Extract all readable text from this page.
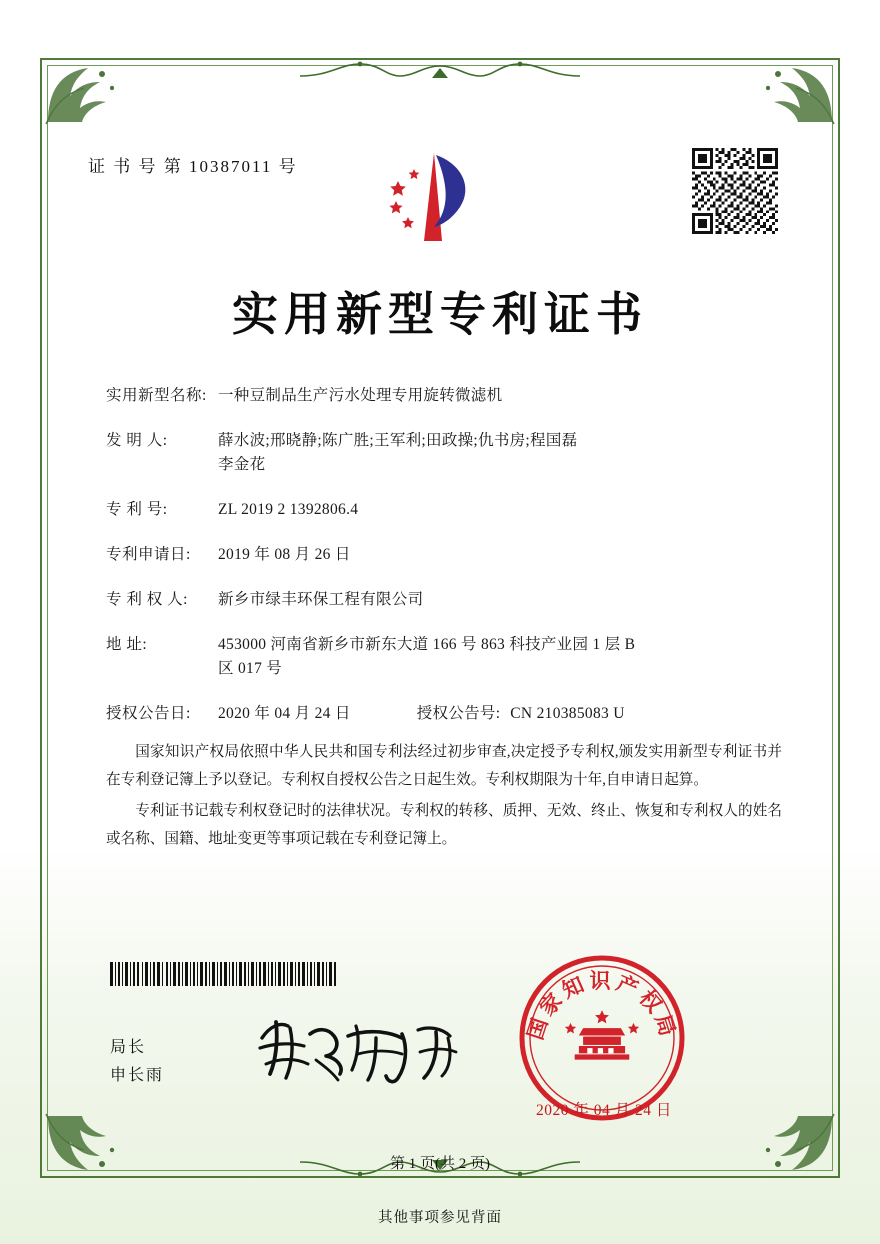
证 书 号 第 10387011 号
实用新型专利证书
实用新型名称: 一种豆制品生产污水处理专用旋转微滤机
发 明 人:	薛水波;邢晓静;陈广胜;王军利;田政操;仇书房;程国磊
李金花
专 利 号:	ZL 2019 2 1392806.4
专利申请日:	2019 年 08 月 26 日
专 利 权 人:	新乡市绿丰环保工程有限公司
地 址:	453000 河南省新乡市新东大道 166 号 863 科技产业园 1 层 B
区 017 号
授权公告日:	2020 年 04 月 24 日	授权公告号: CN 210385083 U

国家知识产权局依照中华人民共和国专利法经过初步审查,决定授予专利权,颁发实用新型专利证书并在专利登记簿上予以登记。专利权自授权公告之日起生效。专利权期限为十年,自申请日起算。

专利证书记载专利权登记时的法律状况。专利权的转移、质押、无效、终止、恢复和专利权人的姓名或名称、国籍、地址变更等事项记载在专利登记簿上。

局长
申长雨
国家知识产权局
2020 年 04 月 24 日
第 1 页(共 2 页)
其他事项参见背面
